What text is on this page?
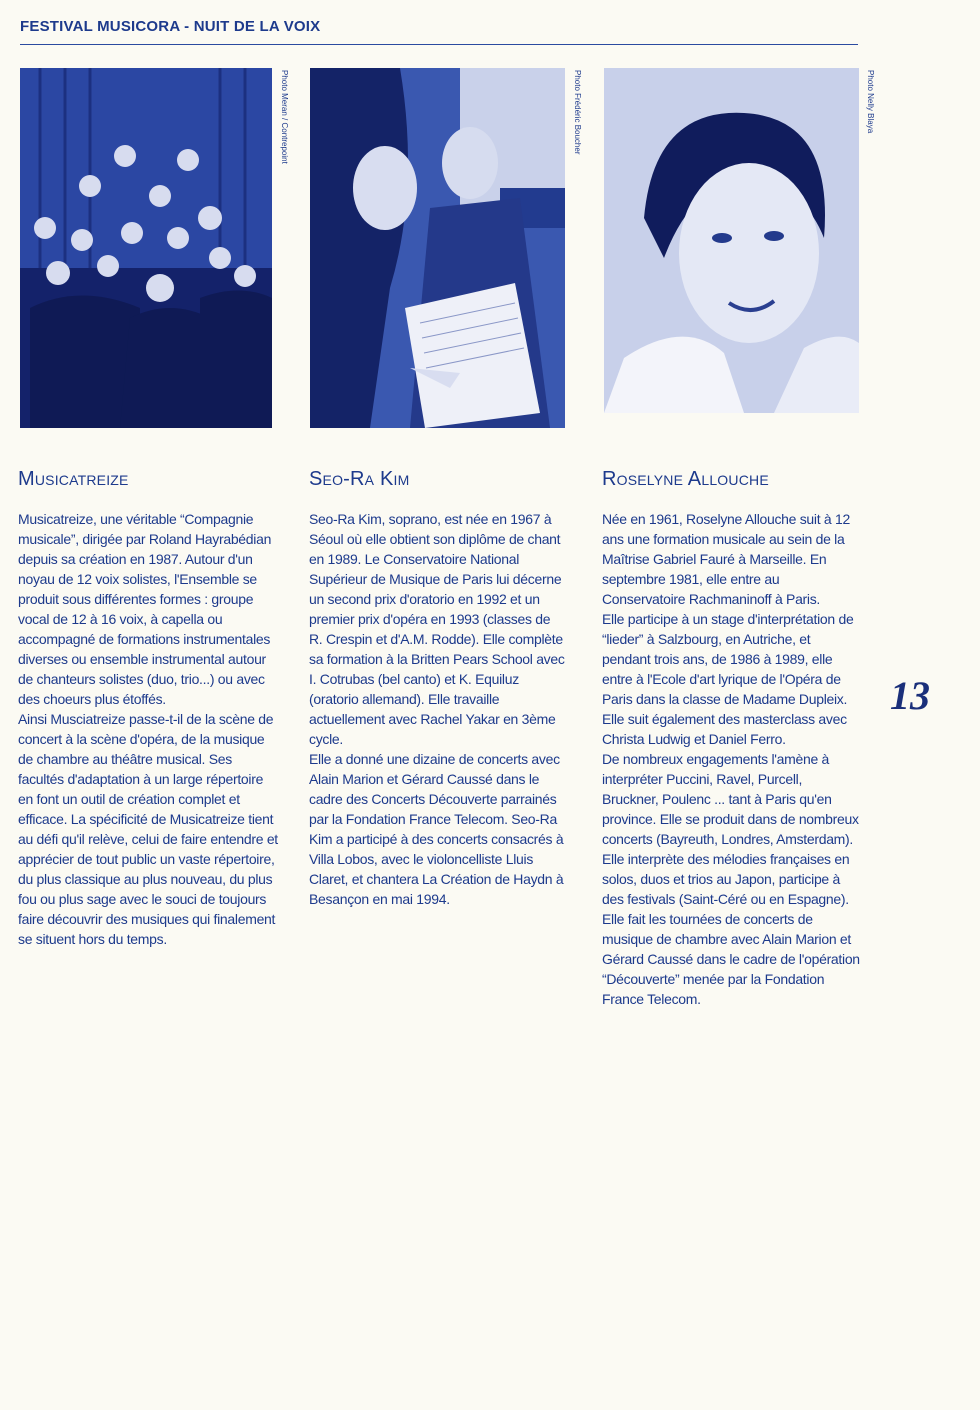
FESTIVAL MUSICORA - NUIT DE LA VOIX
Photo Meran / Contrepoint	Photo Frédéric Boucher	Photo Nelly Blaya
Musicatreize

Musicatreize, une véritable “Compagnie musicale”, dirigée par Roland Hayrabédian depuis sa création en 1987. Autour d'un noyau de 12 voix solistes, l'Ensemble se produit sous différentes formes : groupe vocal de 12 à 16 voix, à capella ou accompagné de formations instrumentales diverses ou ensemble instrumental autour de chanteurs solistes (duo, trio...) ou avec des choeurs plus étoffés.

Ainsi Musciatreize passe-t-il de la scène de concert à la scène d'opéra, de la musique de chambre au théâtre musical. Ses facultés d'adaptation à un large répertoire en font un outil de création complet et efficace. La spécificité de Musicatreize tient au défi qu'il relève, celui de faire entendre et apprécier de tout public un vaste répertoire, du plus classique au plus nouveau, du plus fou ou plus sage avec le souci de toujours faire découvrir des musiques qui finalement se situent hors du temps.

Seo-Ra Kim

Seo-Ra Kim, soprano, est née en 1967 à Séoul où elle obtient son diplôme de chant en 1989. Le Conservatoire National Supérieur de Musique de Paris lui décerne un second prix d'oratorio en 1992 et un premier prix d'opéra en 1993 (classes de R. Crespin et d'A.M. Rodde). Elle complète sa formation à la Britten Pears School avec I. Cotrubas (bel canto) et K. Equiluz (oratorio allemand). Elle travaille actuellement avec Rachel Yakar en 3ème cycle.

Elle a donné une dizaine de concerts avec Alain Marion et Gérard Caussé dans le cadre des Concerts Découverte parrainés par la Fondation France Telecom. Seo-Ra Kim a participé à des concerts consacrés à Villa Lobos, avec le violoncelliste Lluis Claret, et chantera La Création de Haydn à Besançon en mai 1994.

Roselyne Allouche

Née en 1961, Roselyne Allouche suit à 12 ans une formation musicale au sein de la Maîtrise Gabriel Fauré à Marseille. En septembre 1981, elle entre au Conservatoire Rachmaninoff à Paris.

Elle participe à un stage d'interprétation de “lieder” à Salzbourg, en Autriche, et pendant trois ans, de 1986 à 1989, elle entre à l'Ecole d'art lyrique de l'Opéra de Paris dans la classe de Madame Dupleix. Elle suit également des masterclass avec Christa Ludwig et Daniel Ferro.

De nombreux engagements l'amène à interpréter Puccini, Ravel, Purcell, Bruckner, Poulenc ... tant à Paris qu'en province. Elle se produit dans de nombreux concerts (Bayreuth, Londres, Amsterdam). Elle interprète des mélodies françaises en solos, duos et trios au Japon, participe à des festivals (Saint-Céré ou en Espagne).

Elle fait les tournées de concerts de musique de chambre avec Alain Marion et Gérard Caussé dans le cadre de l'opération “Découverte” menée par la Fondation France Telecom.

13
